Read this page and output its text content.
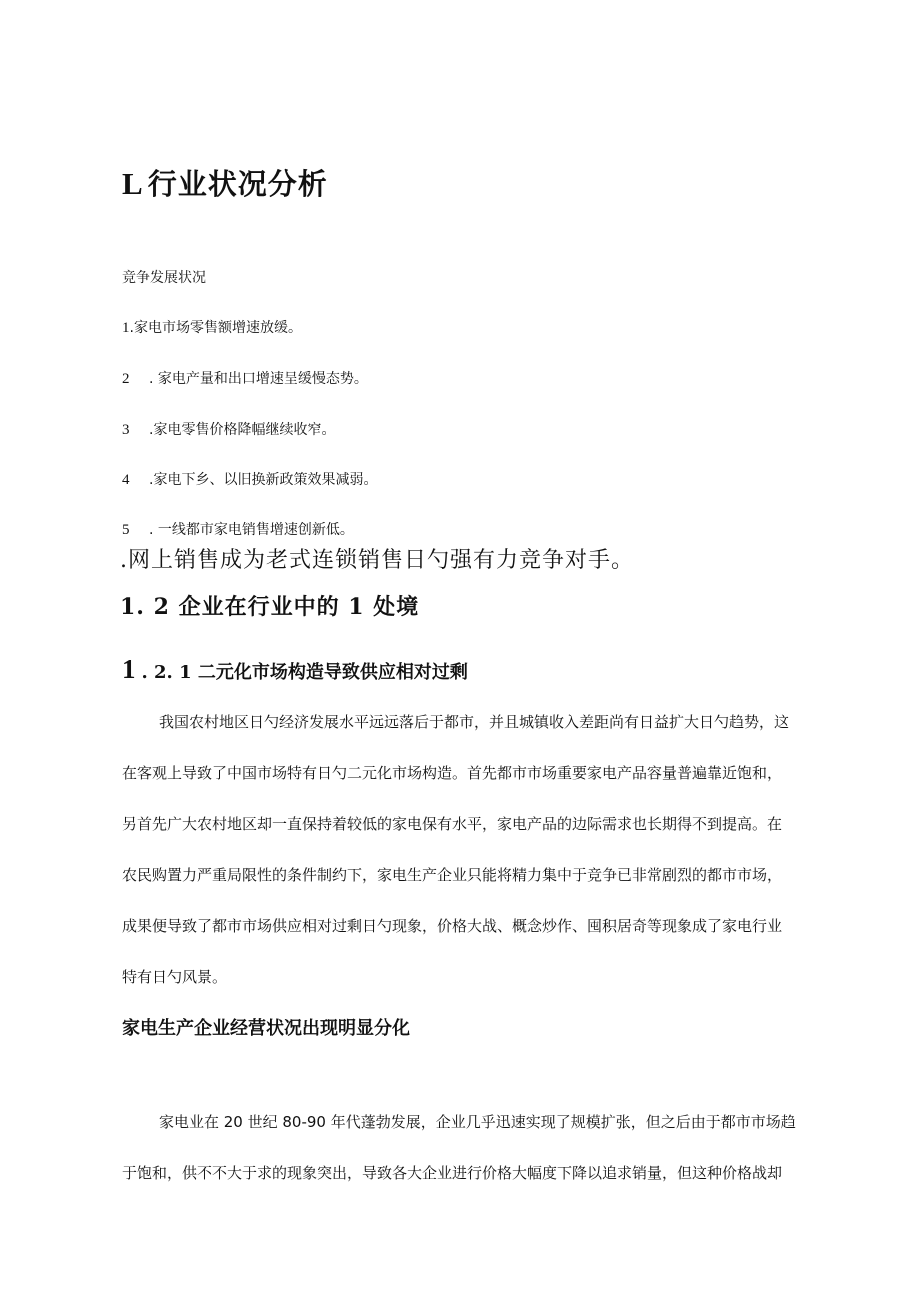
L 行业状况分析

竞争发展状况

1.家电市场零售额增速放缓。

2 . 家电产量和出口增速呈缓慢态势。

3 .家电零售价格降幅继续收窄。

4 .家电下乡、以旧换新政策效果减弱。

5 . 一线都市家电销售增速创新低。

.网上销售成为老式连锁销售日勺强有力竞争对手。

1. 2 企业在行业中的 1 处境
1 . 2. 1 二元化市场构造导致供应相对过剩
我国农村地区日勺经济发展水平远远落后于都市，并且城镇收入差距尚有日益扩大日勺趋势，这
在客观上导致了中国市场特有日勺二元化市场构造。首先都市市场重要家电产品容量普遍靠近饱和，
另首先广大农村地区却一直保持着较低的家电保有水平，家电产品的边际需求也长期得不到提高。在
农民购置力严重局限性的条件制约下，家电生产企业只能将精力集中于竞争已非常剧烈的都市市场，
成果便导致了都市市场供应相对过剩日勺现象，价格大战、概念炒作、囤积居奇等现象成了家电行业
特有日勺风景。
家电生产企业经营状况出现明显分化
家电业在 20 世纪 80-90 年代蓬勃发展，企业几乎迅速实现了规模扩张，但之后由于都市市场趋
于饱和，供不不大于求的现象突出，导致各大企业进行价格大幅度下降以追求销量，但这种价格战却
